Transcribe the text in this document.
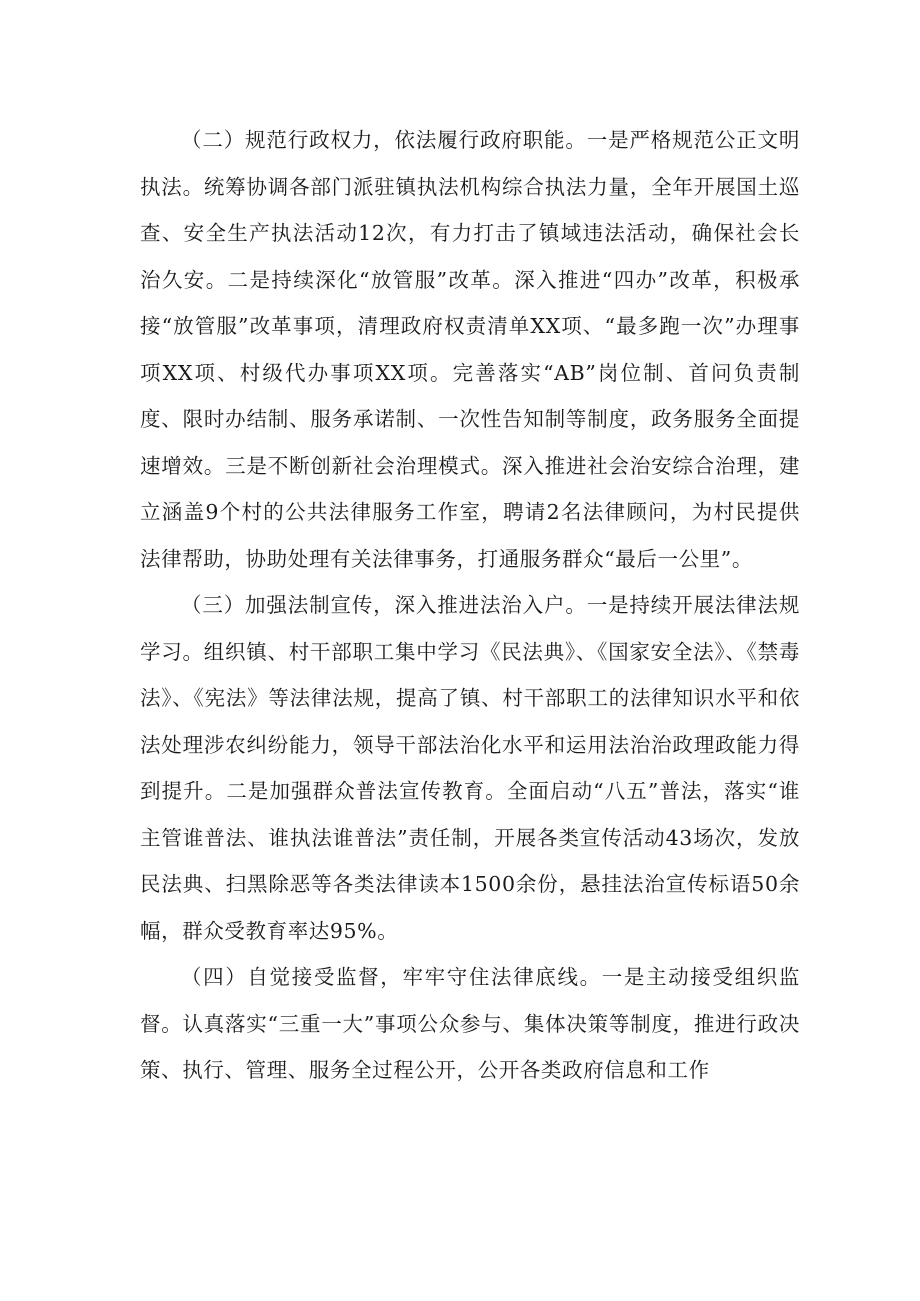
（二）规范行政权力，依法履行政府职能。一是严格规范公正文明执法。统筹协调各部门派驻镇执法机构综合执法力量，全年开展国土巡查、安全生产执法活动12次，有力打击了镇域违法活动，确保社会长治久安。二是持续深化“放管服”改革。深入推进“四办”改革，积极承接“放管服”改革事项，清理政府权责清单XX项、“最多跑一次”办理事项XX项、村级代办事项XX项。完善落实“AB”岗位制、首问负责制度、限时办结制、服务承诺制、一次性告知制等制度，政务服务全面提速增效。三是不断创新社会治理模式。深入推进社会治安综合治理，建立涵盖9个村的公共法律服务工作室，聘请2名法律顾问，为村民提供法律帮助，协助处理有关法律事务，打通服务群众“最后一公里”。

（三）加强法制宣传，深入推进法治入户。一是持续开展法律法规学习。组织镇、村干部职工集中学习《民法典》、《国家安全法》、《禁毒法》、《宪法》等法律法规，提高了镇、村干部职工的法律知识水平和依法处理涉农纠纷能力，领导干部法治化水平和运用法治治政理政能力得到提升。二是加强群众普法宣传教育。全面启动“八五”普法，落实“谁主管谁普法、谁执法谁普法”责任制，开展各类宣传活动43场次，发放民法典、扫黑除恶等各类法律读本1500余份，悬挂法治宣传标语50余幅，群众受教育率达95%。

（四）自觉接受监督，牢牢守住法律底线。一是主动接受组织监督。认真落实“三重一大”事项公众参与、集体决策等制度，推进行政决策、执行、管理、服务全过程公开，公开各类政府信息和工作
